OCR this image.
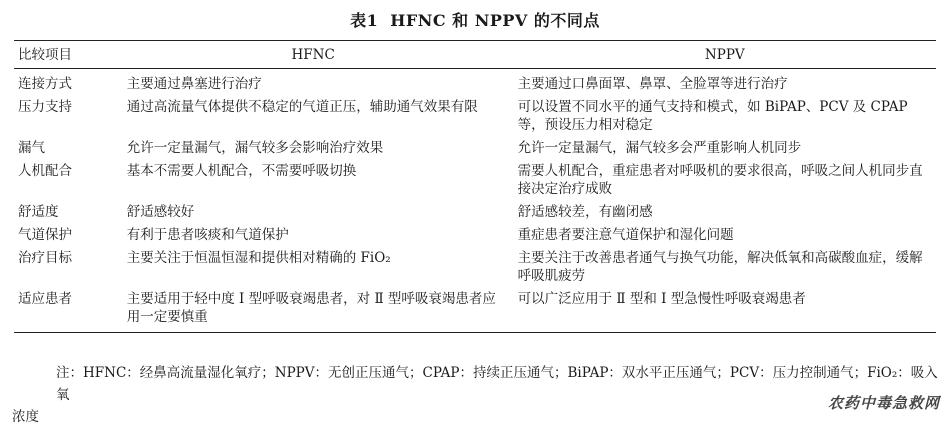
表1 HFNC 和 NPPV 的不同点
比较项目	HFNC	NPPV
连接方式	主要通过鼻塞进行治疗	主要通过口鼻面罩、鼻罩、全脸罩等进行治疗
压力支持	通过高流量气体提供不稳定的气道正压，辅助通气效果有限	可以设置不同水平的通气支持和模式，如 BiPAP、PCV 及 CPAP 等，预设压力相对稳定
漏气	允许一定量漏气，漏气较多会影响治疗效果	允许一定量漏气，漏气较多会严重影响人机同步
人机配合	基本不需要人机配合，不需要呼吸切换	需要人机配合，重症患者对呼吸机的要求很高，呼吸之间人机同步直接决定治疗成败
舒适度	舒适感较好	舒适感较差，有幽闭感
气道保护	有利于患者咳痰和气道保护	重症患者要注意气道保护和湿化问题
治疗目标	主要关注于恒温恒湿和提供相对精确的 FiO₂	主要关注于改善患者通气与换气功能，解决低氧和高碳酸血症，缓解呼吸肌疲劳
适应患者	主要适用于轻中度 Ⅰ 型呼吸衰竭患者，对 Ⅱ 型呼吸衰竭患者应用一定要慎重	可以广泛应用于 Ⅱ 型和 Ⅰ 型急慢性呼吸衰竭患者
注：HFNC：经鼻高流量湿化氧疗；NPPV：无创正压通气；CPAP：持续正压通气；BiPAP：双水平正压通气；PCV：压力控制通气；FiO₂：吸入氧
浓度
农药中毒急救网
